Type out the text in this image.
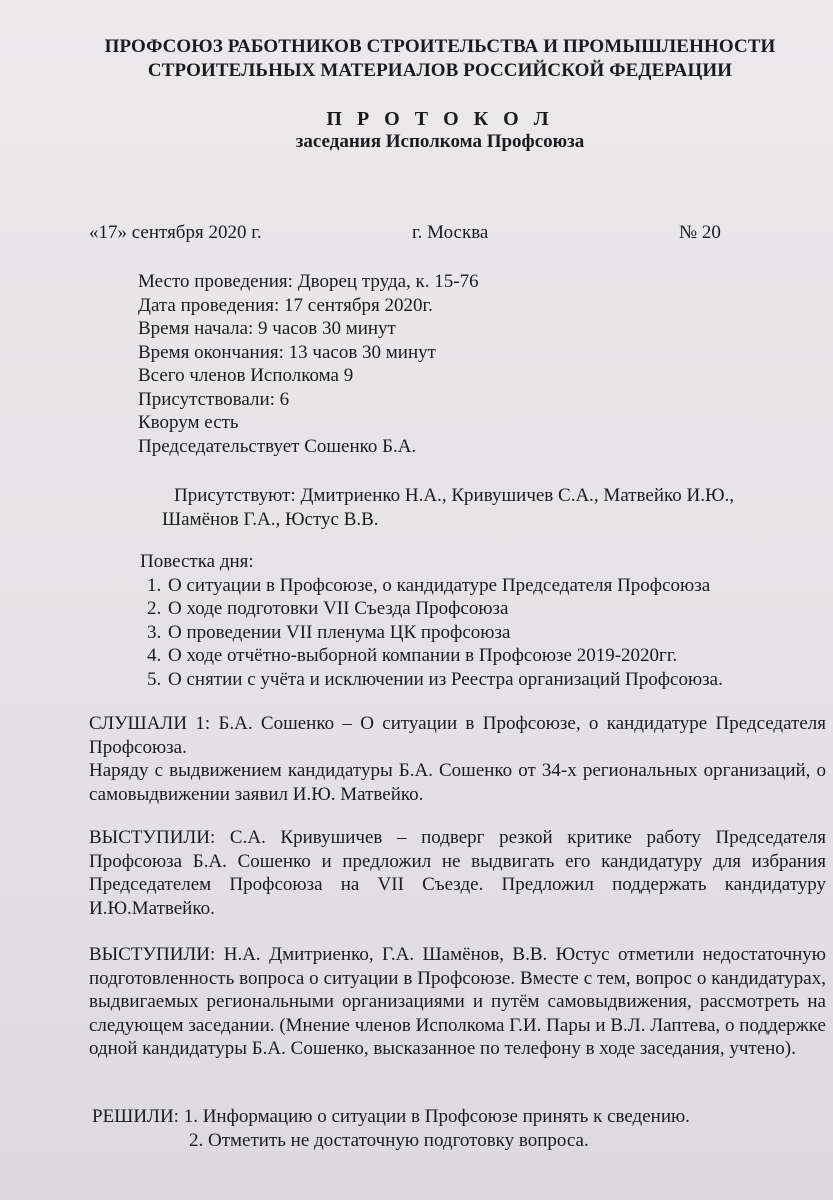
ПРОФСОЮЗ РАБОТНИКОВ СТРОИТЕЛЬСТВА И ПРОМЫШЛЕННОСТИ
СТРОИТЕЛЬНЫХ МАТЕРИАЛОВ РОССИЙСКОЙ ФЕДЕРАЦИИ
П Р О Т О К О Л
заседания Исполкома Профсоюза
«17» сентября 2020 г.	г. Москва	№ 20
Место проведения: Дворец труда, к. 15-76
Дата проведения: 17 сентября 2020г.
Время начала: 9 часов 30 минут
Время окончания: 13 часов 30 минут
Всего членов Исполкома 9
Присутствовали: 6
Кворум есть
Председательствует Сошенко Б.А.
Присутствуют: Дмитриенко Н.А., Кривушичев С.А., Матвейко И.Ю.,
Шамёнов Г.А., Юстус В.В.
Повестка дня:
1. О ситуации в Профсоюзе, о кандидатуре Председателя Профсоюза
2. О ходе подготовки VII Съезда Профсоюза
3. О проведении VII пленума ЦК профсоюза
4. О ходе отчётно-выборной компании в Профсоюзе 2019-2020гг.
5. О снятии с учёта и исключении из Реестра организаций Профсоюза.
СЛУШАЛИ 1: Б.А. Сошенко – О ситуации в Профсоюзе, о кандидатуре Председателя Профсоюза.
Наряду с выдвижением кандидатуры Б.А. Сошенко от 34-х региональных организаций, о самовыдвижении заявил И.Ю. Матвейко.
ВЫСТУПИЛИ: С.А. Кривушичев – подверг резкой критике работу Председателя Профсоюза Б.А. Сошенко и предложил не выдвигать его кандидатуру для избрания Председателем Профсоюза на VII Съезде. Предложил поддержать кандидатуру И.Ю.Матвейко.
ВЫСТУПИЛИ: Н.А. Дмитриенко, Г.А. Шамёнов, В.В. Юстус отметили недостаточную подготовленность вопроса о ситуации в Профсоюзе. Вместе с тем, вопрос о кандидатурах, выдвигаемых региональными организациями и путём самовыдвижения, рассмотреть на следующем заседании. (Мнение членов Исполкома Г.И. Пары и В.Л. Лаптева, о поддержке одной кандидатуры Б.А. Сошенко, высказанное по телефону в ходе заседания, учтено).
РЕШИЛИ: 1. Информацию о ситуации в Профсоюзе принять к сведению.
2. Отметить не достаточную подготовку вопроса.
